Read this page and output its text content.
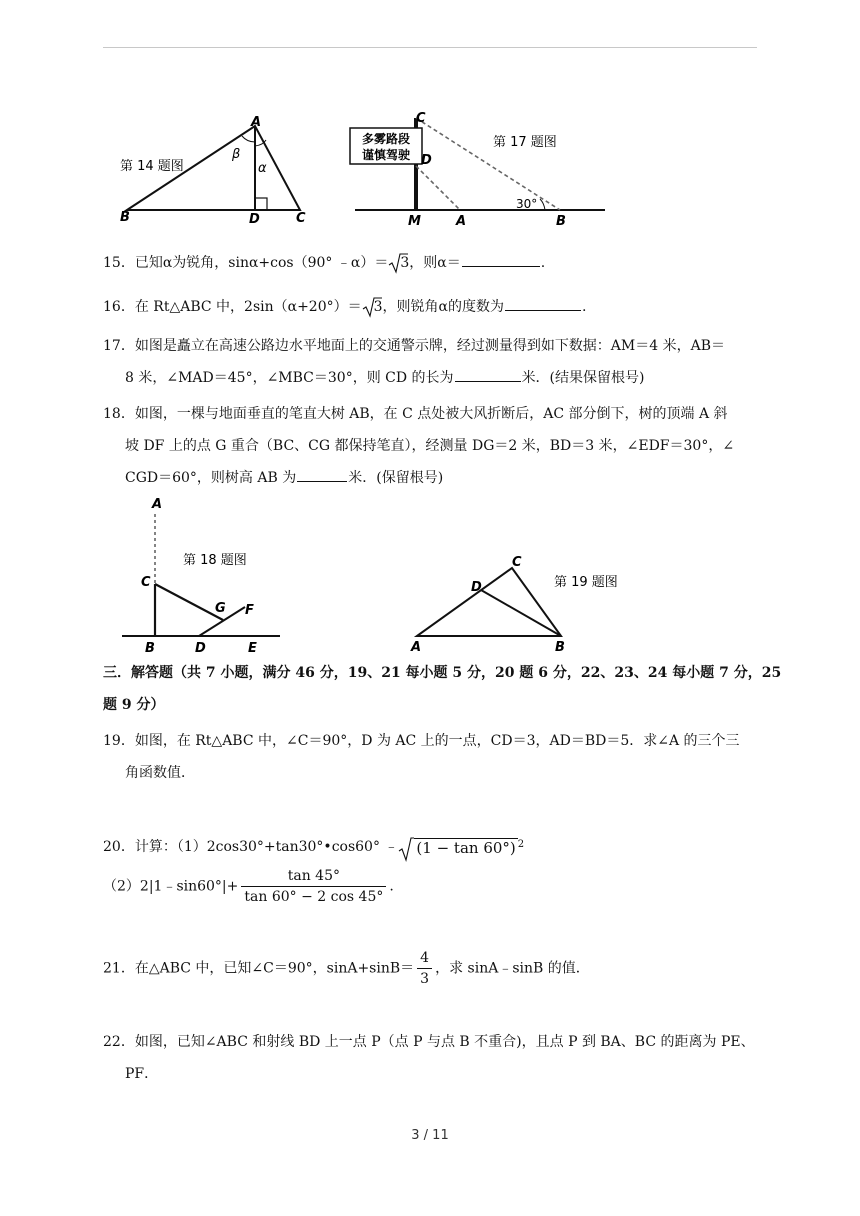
第 14 题图
A
B	C
D
β
α
多雾路段
谨慎驾驶
C
D
M	A	B
30°
第 17 题图
15．已知α为锐角，sinα+cos（90° ﹣α）＝ 3，则α＝	.
16．在 Rt△ABC 中，2sin（α+20°）＝ 3，则锐角α的度数为	.
17．如图是矗立在高速公路边水平地面上的交通警示牌，经过测量得到如下数据：AM＝4 米，AB＝
8 米，∠MAD＝45°，∠MBC＝30°，则 CD 的长为	米．(结果保留根号)
18．如图，一棵与地面垂直的笔直大树 AB，在 C 点处被大风折断后，AC 部分倒下，树的顶端 A 斜
坡 DF 上的点 G 重合（BC、CG 都保持笔直），经测量 DG＝2 米，BD＝3 米，∠EDF＝30°，∠
CGD＝60°，则树高 AB 为	米．(保留根号)
A
C
G F
B	D	E
第 18 题图	C
D
A	B
第 19 题图
三．解答题（共 7 小题，满分 46 分，19、21 每小题 5 分，20 题 6 分，22、23、24 每小题 7 分，25
题 9 分）
19．如图，在 Rt△ABC 中，∠C＝90°，D 为 AC 上的一点，CD＝3，AD＝BD＝5．求∠A 的三个三
角函数值．
20．计算：（1）2cos30°+tan30°•cos60° ﹣ (1 − tan 60°) $^2$
（2）2|1﹣sin60°|+ $\frac{\tan 45^\circ}{\tan 60^\circ - 2 \cos 45^\circ}$ .
21．在△ABC 中，已知∠C＝90°，$\sin A+\sin B= \frac{4}{3}$ ，求 sinA﹣sinB 的值．
22．如图，已知∠ABC 和射线 BD 上一点 P（点 P 与点 B 不重合)，且点 P 到 BA、BC 的距离为 PE、
PF．
3 / 11
